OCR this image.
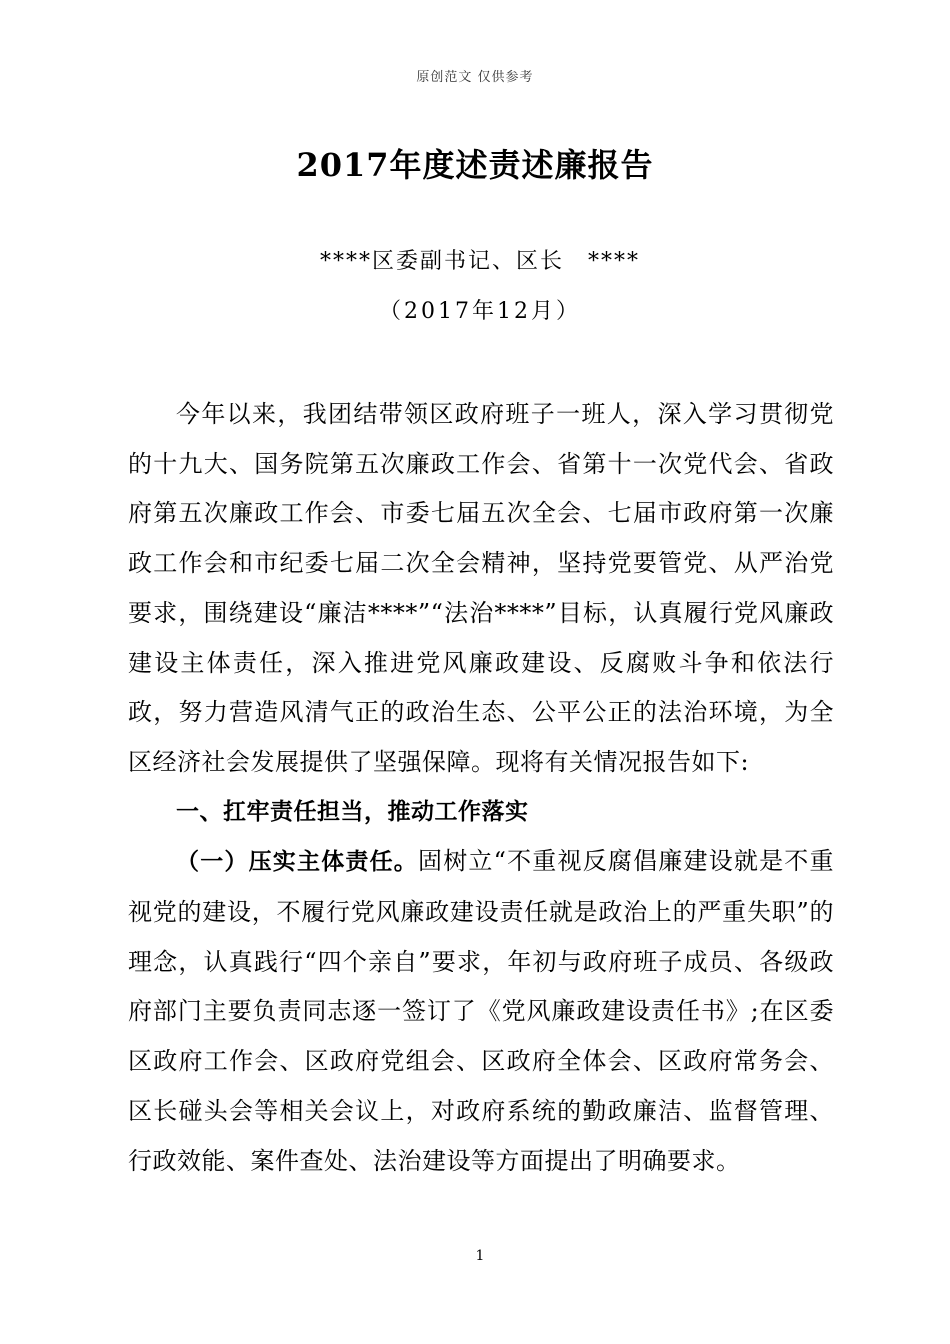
原创范文 仅供参考
2017年度述责述廉报告
****区委副书记、区长　****
（2017年12月）

今年以来，我团结带领区政府班子一班人，深入学习贯彻党的十九大、国务院第五次廉政工作会、省第十一次党代会、省政府第五次廉政工作会、市委七届五次全会、七届市政府第一次廉政工作会和市纪委七届二次全会精神，坚持党要管党、从严治党要求，围绕建设“廉洁****”“法治****”目标，认真履行党风廉政建设主体责任，深入推进党风廉政建设、反腐败斗争和依法行政，努力营造风清气正的政治生态、公平公正的法治环境，为全区经济社会发展提供了坚强保障。现将有关情况报告如下:

一、扛牢责任担当，推动工作落实

（一）压实主体责任。固树立“不重视反腐倡廉建设就是不重视党的建设，不履行党风廉政建设责任就是政治上的严重失职”的理念，认真践行“四个亲自”要求，年初与政府班子成员、各级政府部门主要负责同志逐一签订了《党风廉政建设责任书》;在区委区政府工作会、区政府党组会、区政府全体会、区政府常务会、区长碰头会等相关会议上，对政府系统的勤政廉洁、监督管理、行政效能、案件查处、法治建设等方面提出了明确要求。

1
